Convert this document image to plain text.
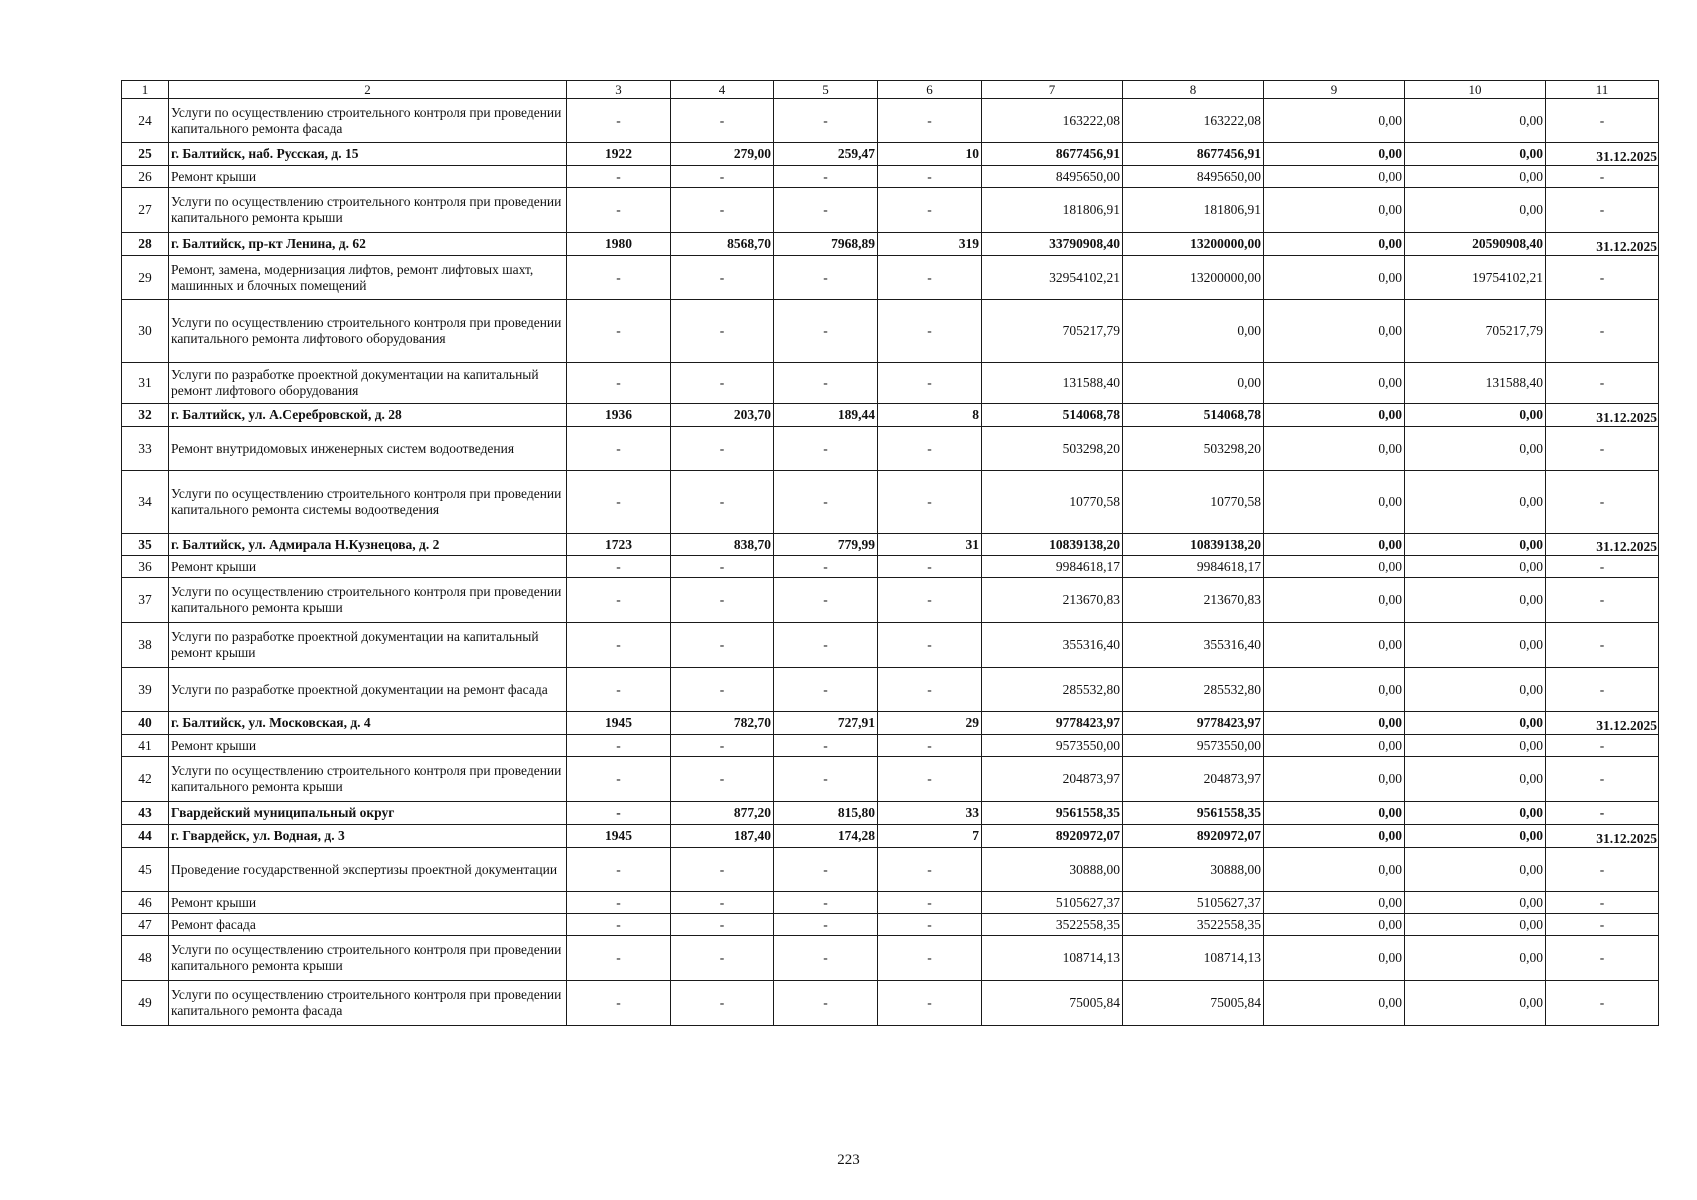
1	2	3	4	5	6	7	8	9	10	11
24	Услуги по осуществлению строительного контроля при проведении капитального ремонта фасада	-	-	-	-	163222,08	163222,08	0,00	0,00	-
25	г. Балтийск, наб. Русская, д. 15	1922	279,00	259,47	10	8677456,91	8677456,91	0,00	0,00	31.12.2025
26	Ремонт крыши	-	-	-	-	8495650,00	8495650,00	0,00	0,00	-
27	Услуги по осуществлению строительного контроля при проведении капитального ремонта крыши	-	-	-	-	181806,91	181806,91	0,00	0,00	-
28	г. Балтийск, пр-кт Ленина, д. 62	1980	8568,70	7968,89	319	33790908,40	13200000,00	0,00	20590908,40	31.12.2025
29	Ремонт, замена, модернизация лифтов, ремонт лифтовых шахт, машинных и блочных помещений	-	-	-	-	32954102,21	13200000,00	0,00	19754102,21	-
30	Услуги по осуществлению строительного контроля при проведении капитального ремонта лифтового оборудования	-	-	-	-	705217,79	0,00	0,00	705217,79	-
31	Услуги по разработке проектной документации на капитальный ремонт лифтового оборудования	-	-	-	-	131588,40	0,00	0,00	131588,40	-
32	г. Балтийск, ул. А.Серебровской, д. 28	1936	203,70	189,44	8	514068,78	514068,78	0,00	0,00	31.12.2025
33	Ремонт внутридомовых инженерных систем водоотведения	-	-	-	-	503298,20	503298,20	0,00	0,00	-
34	Услуги по осуществлению строительного контроля при проведении капитального ремонта системы водоотведения	-	-	-	-	10770,58	10770,58	0,00	0,00	-
35	г. Балтийск, ул. Адмирала Н.Кузнецова, д. 2	1723	838,70	779,99	31	10839138,20	10839138,20	0,00	0,00	31.12.2025
36	Ремонт крыши	-	-	-	-	9984618,17	9984618,17	0,00	0,00	-
37	Услуги по осуществлению строительного контроля при проведении капитального ремонта крыши	-	-	-	-	213670,83	213670,83	0,00	0,00	-
38	Услуги по разработке проектной документации на капитальный ремонт крыши	-	-	-	-	355316,40	355316,40	0,00	0,00	-
39	Услуги по разработке проектной документации на ремонт фасада	-	-	-	-	285532,80	285532,80	0,00	0,00	-
40	г. Балтийск, ул. Московская, д. 4	1945	782,70	727,91	29	9778423,97	9778423,97	0,00	0,00	31.12.2025
41	Ремонт крыши	-	-	-	-	9573550,00	9573550,00	0,00	0,00	-
42	Услуги по осуществлению строительного контроля при проведении капитального ремонта крыши	-	-	-	-	204873,97	204873,97	0,00	0,00	-
43	Гвардейский муниципальный округ	-	877,20	815,80	33	9561558,35	9561558,35	0,00	0,00	-
44	г. Гвардейск, ул. Водная, д. 3	1945	187,40	174,28	7	8920972,07	8920972,07	0,00	0,00	31.12.2025
45	Проведение государственной экспертизы проектной документации	-	-	-	-	30888,00	30888,00	0,00	0,00	-
46	Ремонт крыши	-	-	-	-	5105627,37	5105627,37	0,00	0,00	-
47	Ремонт фасада	-	-	-	-	3522558,35	3522558,35	0,00	0,00	-
48	Услуги по осуществлению строительного контроля при проведении капитального ремонта крыши	-	-	-	-	108714,13	108714,13	0,00	0,00	-
49	Услуги по осуществлению строительного контроля при проведении капитального ремонта фасада	-	-	-	-	75005,84	75005,84	0,00	0,00	-
223
